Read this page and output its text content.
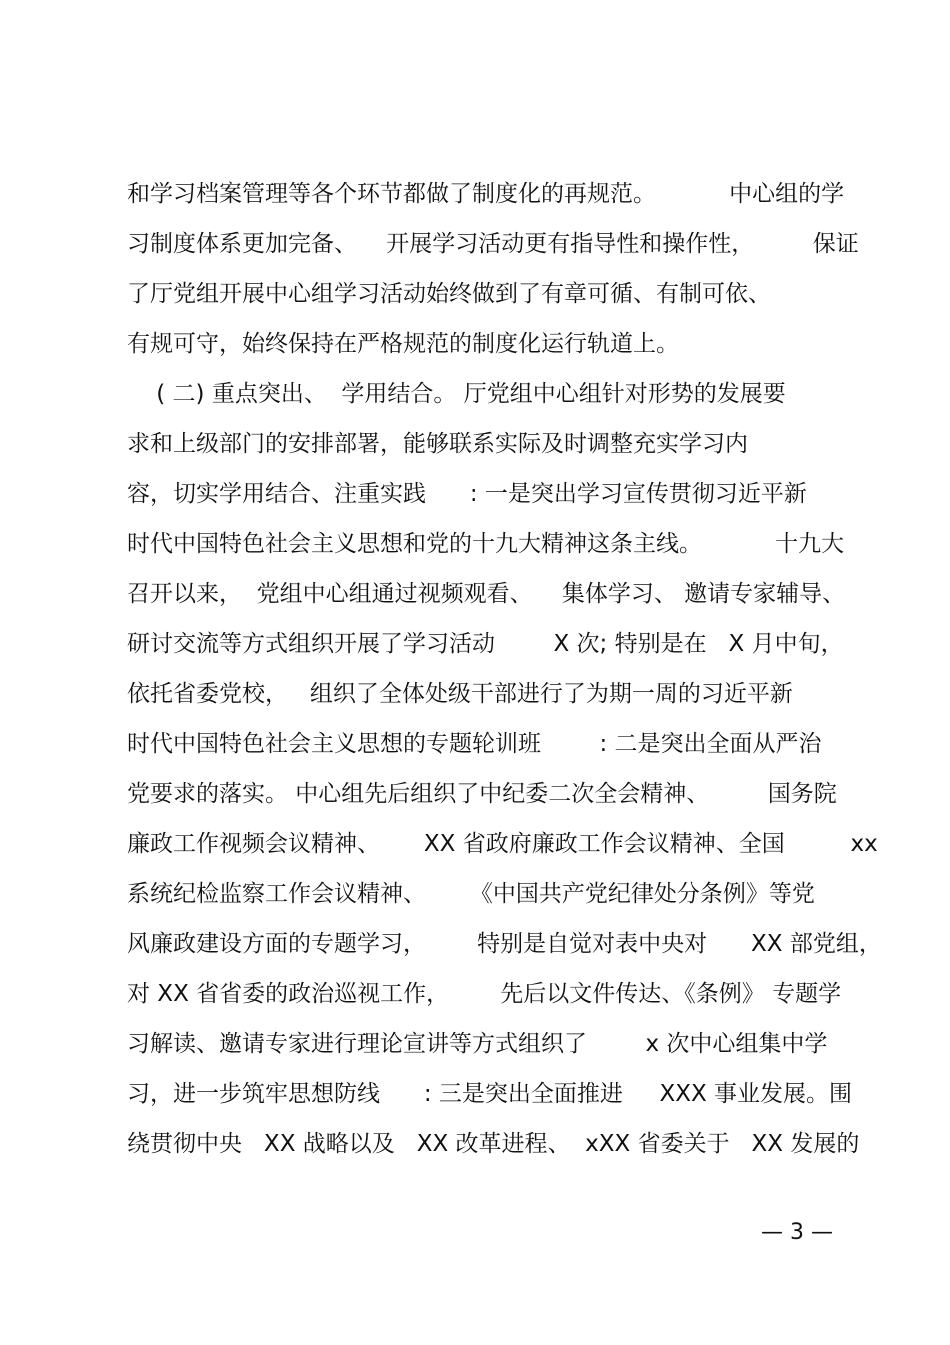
和学习档案管理等各个环节都做了制度化的再规范。          中心组的学
习制度体系更加完备、    开展学习活动更有指导性和操作性，        保证
了厅党组开展中心组学习活动始终做到了有章可循、有制可依、
有规可守，始终保持在严格规范的制度化运行轨道上。
( 二) 重点突出、  学用结合。 厅党组中心组针对形势的发展要
求和上级部门的安排部署，能够联系实际及时调整充实学习内
容，切实学用结合、注重实践      : 一是突出学习宣传贯彻习近平新
时代中国特色社会主义思想和党的十九大精神这条主线。          十九大
召开以来，  党组中心组通过视频观看、    集体学习、 邀请专家辅导、
研讨交流等方式组织开展了学习活动        X 次; 特别是在   X 月中旬，
依托省委党校，   组织了全体处级干部进行了为期一周的习近平新
时代中国特色社会主义思想的专题轮训班        : 二是突出全面从严治
党要求的落实。 中心组先后组织了中纪委二次全会精神、        国务院
廉政工作视频会议精神、      XX 省政府廉政工作会议精神、全国         xx
系统纪检监察工作会议精神、      《中国共产党纪律处分条例》等党
风廉政建设方面的专题学习，       特别是自觉对表中央对      XX 部党组，
对 XX 省省委的政治巡视工作，       先后以文件传达、《条例》 专题学
习解读、邀请专家进行理论宣讲等方式组织了        x 次中心组集中学
习，进一步筑牢思想防线      : 三是突出全面推进     XXX 事业发展。围
绕贯彻中央   XX 战略以及   XX 改革进程、  xXX 省委关于   XX 发展的
— 3 —
